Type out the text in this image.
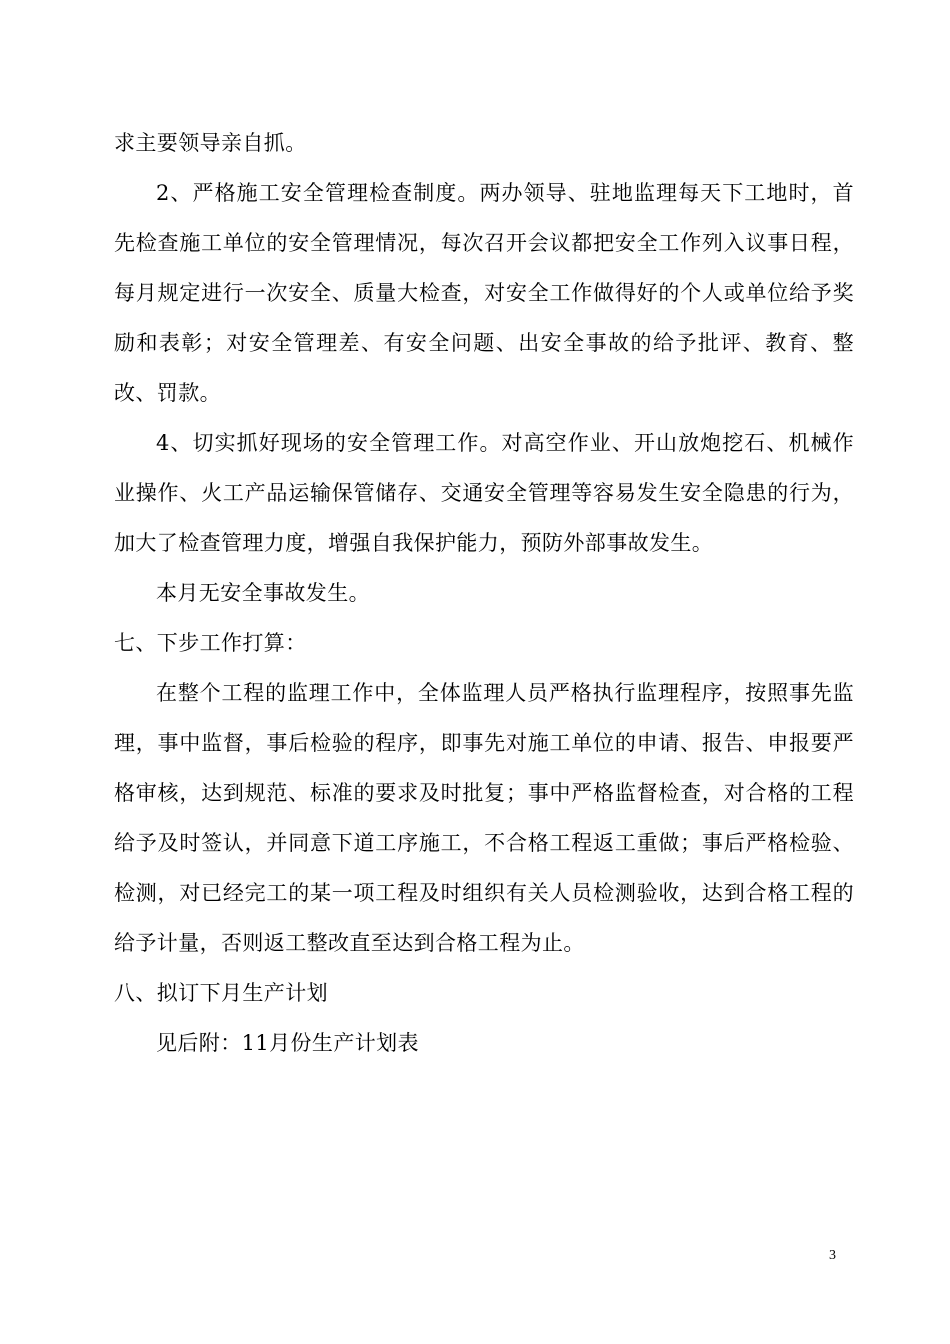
求主要领导亲自抓。

2、严格施工安全管理检查制度。两办领导、驻地监理每天下工地时，首先检查施工单位的安全管理情况，每次召开会议都把安全工作列入议事日程，每月规定进行一次安全、质量大检查，对安全工作做得好的个人或单位给予奖励和表彰；对安全管理差、有安全问题、出安全事故的给予批评、教育、整改、罚款。

4、切实抓好现场的安全管理工作。对高空作业、开山放炮挖石、机械作业操作、火工产品运输保管储存、交通安全管理等容易发生安全隐患的行为，加大了检查管理力度，增强自我保护能力，预防外部事故发生。

本月无安全事故发生。

七、下步工作打算：

在整个工程的监理工作中，全体监理人员严格执行监理程序，按照事先监理，事中监督，事后检验的程序，即事先对施工单位的申请、报告、申报要严格审核，达到规范、标准的要求及时批复；事中严格监督检查，对合格的工程给予及时签认，并同意下道工序施工，不合格工程返工重做；事后严格检验、检测，对已经完工的某一项工程及时组织有关人员检测验收，达到合格工程的给予计量，否则返工整改直至达到合格工程为止。

八、拟订下月生产计划

见后附：11月份生产计划表

3
